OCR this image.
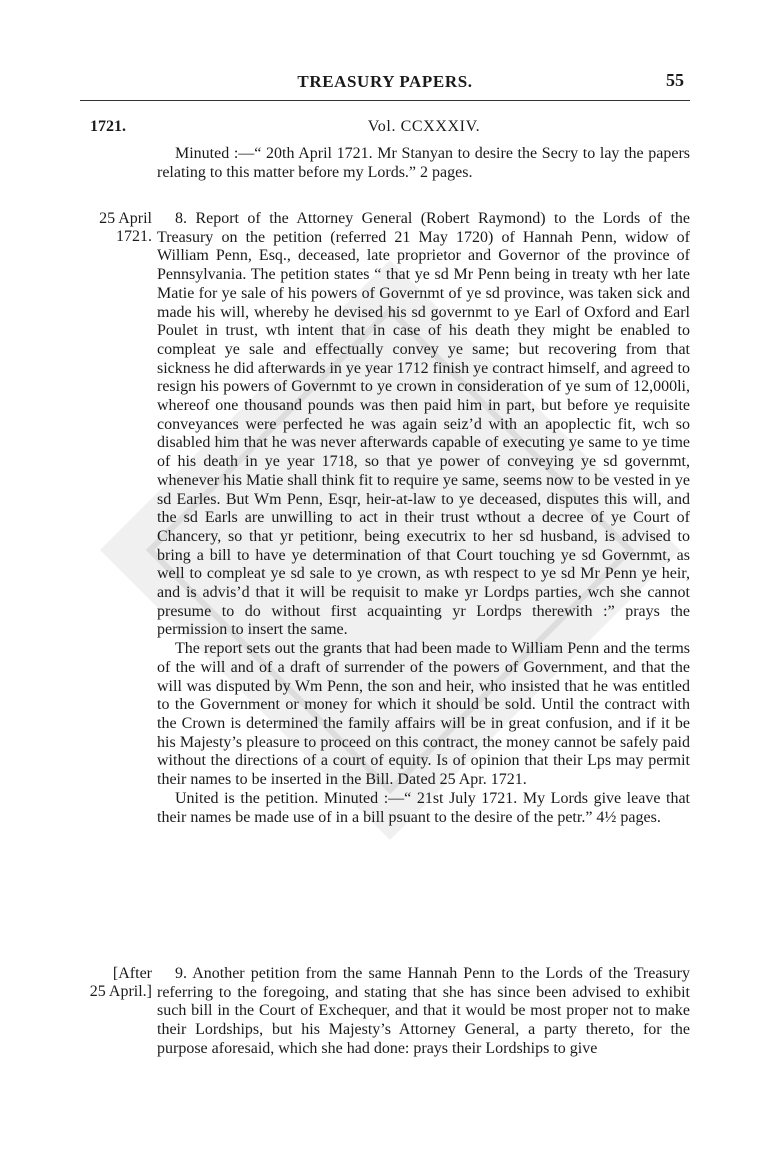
TREASURY PAPERS.	55
1721.	Vol. CCXXXIV.

Minuted :—“ 20th April 1721. Mr Stanyan to desire the Secry to lay the papers relating to this matter before my Lords.” 2 pages.

25 April
1721.

8. Report of the Attorney General (Robert Raymond) to the Lords of the Treasury on the petition (referred 21 May 1720) of Hannah Penn, widow of William Penn, Esq., deceased, late proprietor and Governor of the province of Pennsylvania. The petition states “ that ye sd Mr Penn being in treaty wth her late Matie for ye sale of his powers of Governmt of ye sd province, was taken sick and made his will, whereby he devised his sd governmt to ye Earl of Oxford and Earl Poulet in trust, wth intent that in case of his death they might be enabled to compleat ye sale and effectually convey ye same; but recovering from that sickness he did afterwards in ye year 1712 finish ye contract himself, and agreed to resign his powers of Governmt to ye crown in consideration of ye sum of 12,000li, whereof one thousand pounds was then paid him in part, but before ye requisite conveyances were perfected he was again seiz’d with an apoplectic fit, wch so disabled him that he was never afterwards capable of executing ye same to ye time of his death in ye year 1718, so that ye power of conveying ye sd governmt, whenever his Matie shall think fit to require ye same, seems now to be vested in ye sd Earles. But Wm Penn, Esqr, heir-at-law to ye deceased, disputes this will, and the sd Earls are unwilling to act in their trust wthout a decree of ye Court of Chancery, so that yr petitionr, being executrix to her sd husband, is advised to bring a bill to have ye determination of that Court touching ye sd Governmt, as well to compleat ye sd sale to ye crown, as wth respect to ye sd Mr Penn ye heir, and is advis’d that it will be requisit to make yr Lordps parties, wch she cannot presume to do without first acquainting yr Lordps therewith :” prays the permission to insert the same.

The report sets out the grants that had been made to William Penn and the terms of the will and of a draft of surrender of the powers of Government, and that the will was disputed by Wm Penn, the son and heir, who insisted that he was entitled to the Government or money for which it should be sold. Until the contract with the Crown is determined the family affairs will be in great confusion, and if it be his Majesty’s pleasure to proceed on this contract, the money cannot be safely paid without the directions of a court of equity. Is of opinion that their Lps may permit their names to be inserted in the Bill. Dated 25 Apr. 1721.

United is the petition. Minuted :—“ 21st July 1721. My Lords give leave that their names be made use of in a bill psuant to the desire of the petr.” 4½ pages.

[After
25 April.]

9. Another petition from the same Hannah Penn to the Lords of the Treasury referring to the foregoing, and stating that she has since been advised to exhibit such bill in the Court of Exchequer, and that it would be most proper not to make their Lordships, but his Majesty’s Attorney General, a party thereto, for the purpose aforesaid, which she had done: prays their Lordships to give
